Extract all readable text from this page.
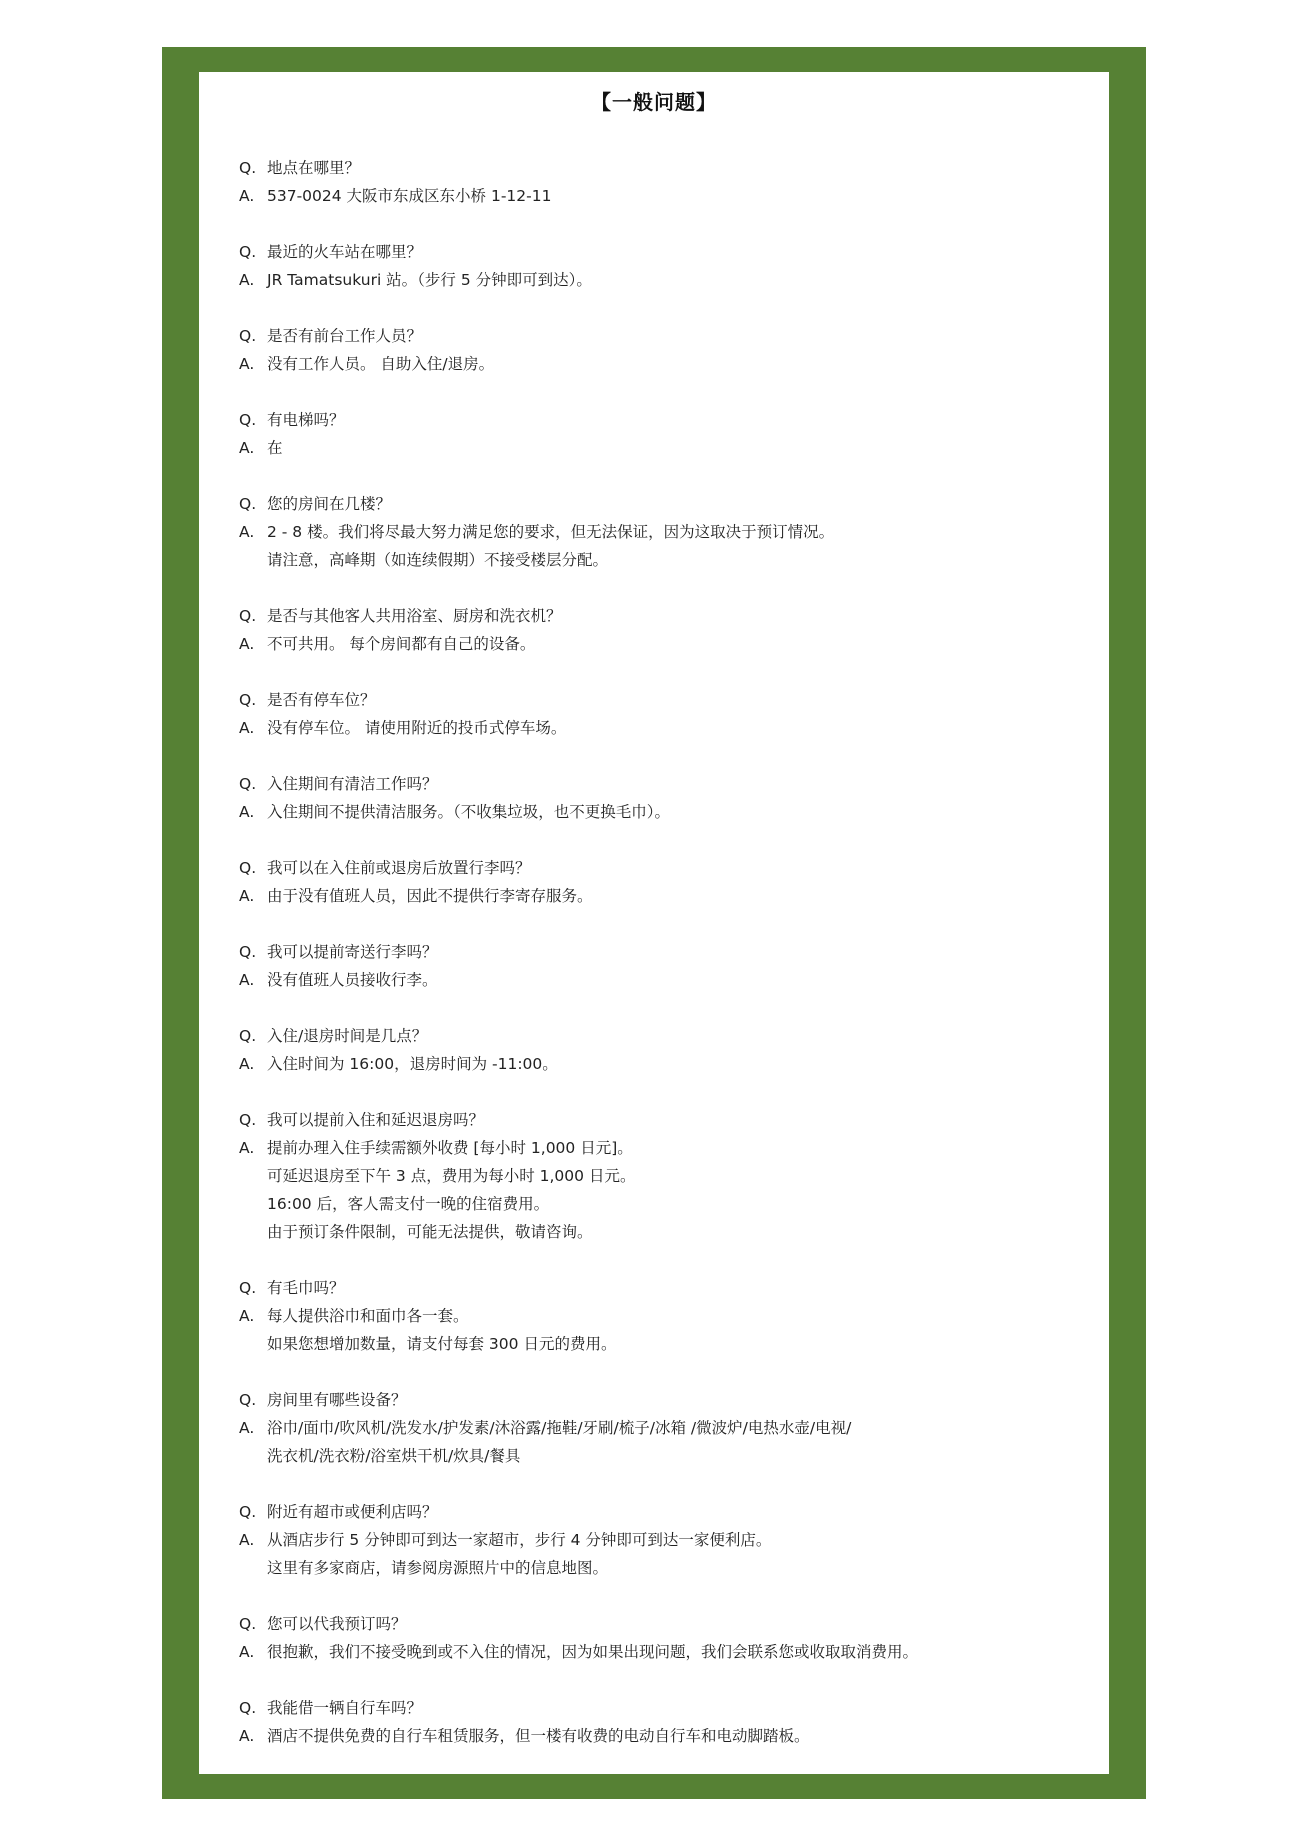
【一般问题】
Q. 地点在哪里？
A. 537-0024 大阪市东成区东小桥 1-12-11
Q. 最近的火车站在哪里？
A. JR Tamatsukuri 站。（步行 5 分钟即可到达）。
Q. 是否有前台工作人员？
A. 没有工作人员。 自助入住/退房。
Q. 有电梯吗？
A. 在
Q. 您的房间在几楼？
A. 2 - 8 楼。我们将尽最大努力满足您的要求，但无法保证，因为这取决于预订情况。
请注意，高峰期（如连续假期）不接受楼层分配。
Q. 是否与其他客人共用浴室、厨房和洗衣机？
A. 不可共用。 每个房间都有自己的设备。
Q. 是否有停车位？
A. 没有停车位。 请使用附近的投币式停车场。
Q. 入住期间有清洁工作吗？
A. 入住期间不提供清洁服务。（不收集垃圾，也不更换毛巾）。
Q. 我可以在入住前或退房后放置行李吗？
A. 由于没有值班人员，因此不提供行李寄存服务。
Q. 我可以提前寄送行李吗？
A. 没有值班人员接收行李。
Q. 入住/退房时间是几点？
A. 入住时间为 16:00，退房时间为 -11:00。
Q. 我可以提前入住和延迟退房吗？
A. 提前办理入住手续需额外收费 [每小时 1,000 日元]。
可延迟退房至下午 3 点，费用为每小时 1,000 日元。
16:00 后，客人需支付一晚的住宿费用。
由于预订条件限制，可能无法提供，敬请咨询。
Q. 有毛巾吗？
A. 每人提供浴巾和面巾各一套。
如果您想增加数量，请支付每套 300 日元的费用。
Q. 房间里有哪些设备？
A. 浴巾/面巾/吹风机/洗发水/护发素/沐浴露/拖鞋/牙刷/梳子/冰箱 /微波炉/电热水壶/电视/
洗衣机/洗衣粉/浴室烘干机/炊具/餐具
Q. 附近有超市或便利店吗？
A. 从酒店步行 5 分钟即可到达一家超市，步行 4 分钟即可到达一家便利店。
这里有多家商店，请参阅房源照片中的信息地图。
Q. 您可以代我预订吗？
A. 很抱歉，我们不接受晚到或不入住的情况，因为如果出现问题，我们会联系您或收取取消费用。
Q. 我能借一辆自行车吗？
A. 酒店不提供免费的自行车租赁服务，但一楼有收费的电动自行车和电动脚踏板。
